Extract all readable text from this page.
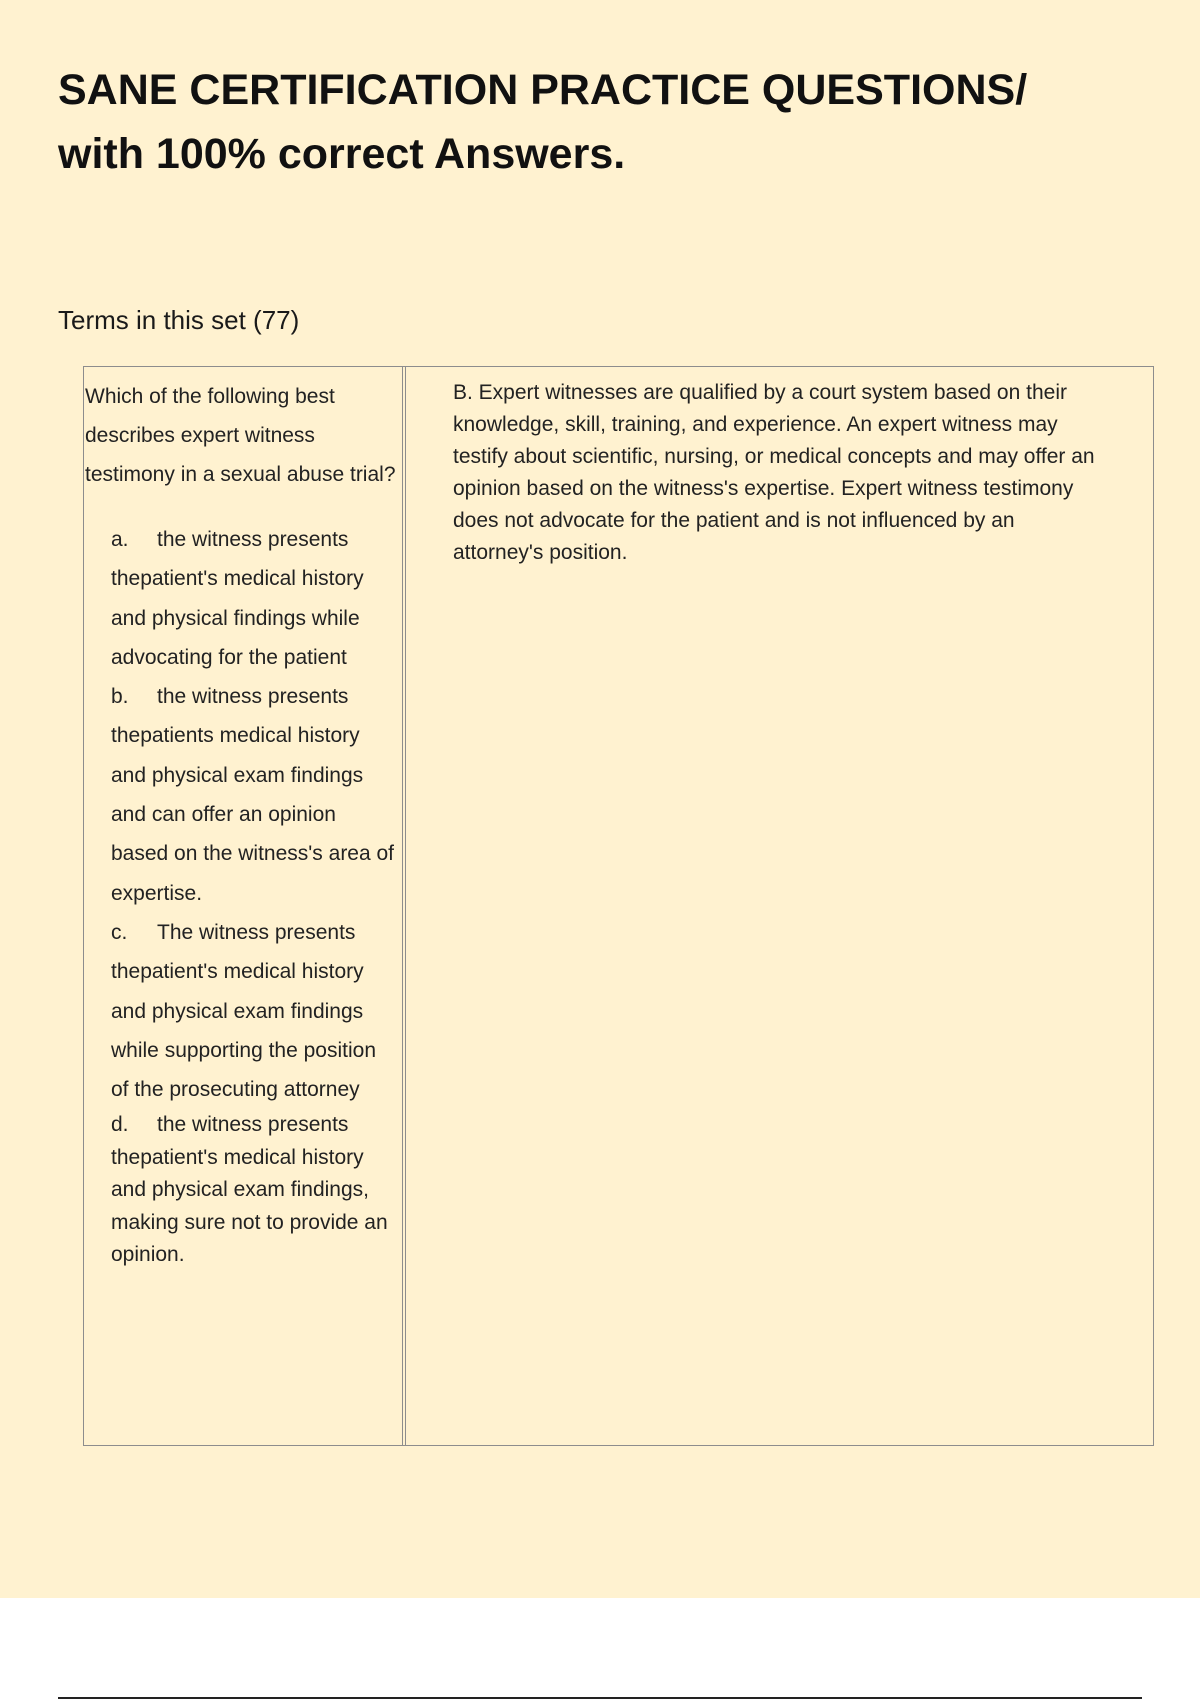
SANE CERTIFICATION PRACTICE QUESTIONS/ with 100% correct Answers.
Terms in this set (77)
Which of the following best describes expert witness testimony in a sexual abuse trial?
a. the witness presents thepatient's medical history and physical findings while advocating for the patient
b. the witness presents thepatients medical history and physical exam findings and can offer an opinion based on the witness's area of expertise.
c. The witness presents thepatient's medical history and physical exam findings while supporting the position of the prosecuting attorney
d. the witness presents thepatient's medical history and physical exam findings, making sure not to provide an opinion.
B. Expert witnesses are qualified by a court system based on their knowledge, skill, training, and experience. An expert witness may testify about scientific, nursing, or medical concepts and may offer an opinion based on the witness's expertise. Expert witness testimony does not advocate for the patient and is not influenced by an attorney's position.
